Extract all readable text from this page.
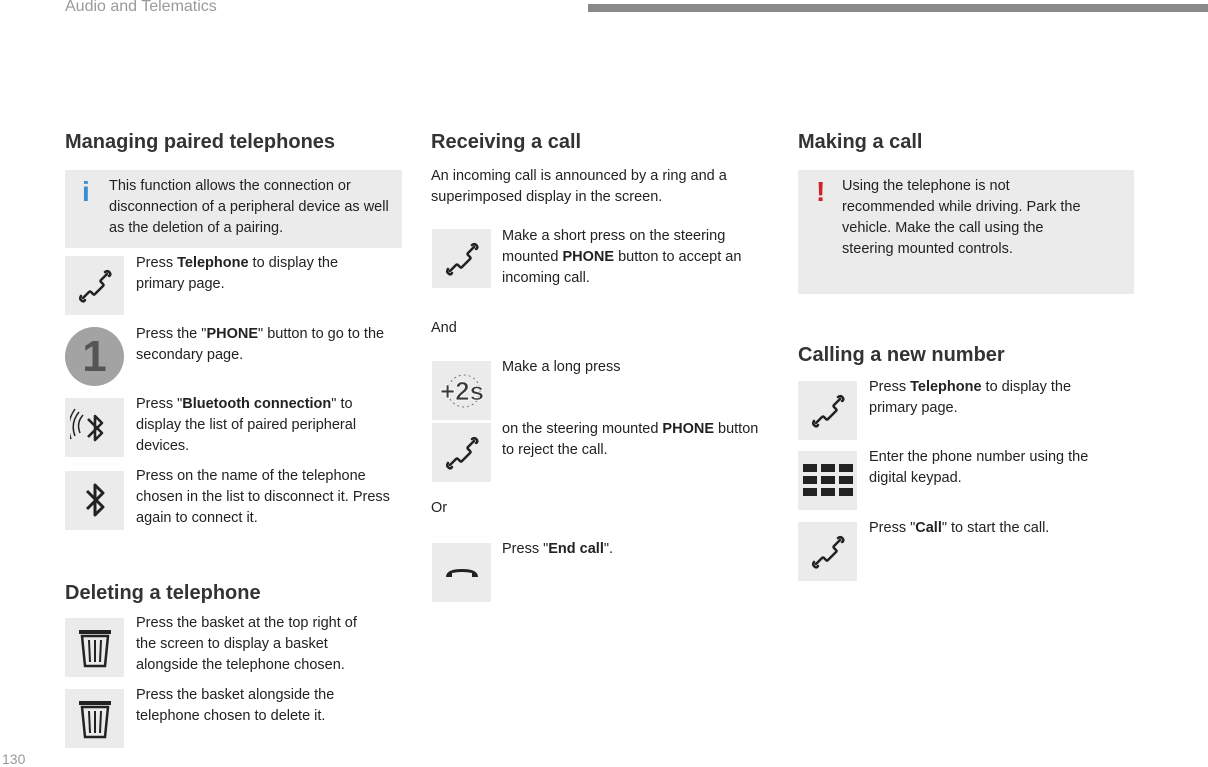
Audio and Telematics
130
Managing paired telephones
i This function allows the connection or disconnection of a peripheral device as well as the deletion of a pairing.
Press Telephone to display the primary page.
1	Press the "PHONE" button to go to the secondary page.
Press "Bluetooth connection" to display the list of paired peripheral devices.
Press on the name of the telephone chosen in the list to disconnect it. Press again to connect it.
Deleting a telephone
Press the basket at the top right of the screen to display a basket alongside the telephone chosen.
Press the basket alongside the telephone chosen to delete it.
Receiving a call
An incoming call is announced by a ring and a superimposed display in the screen.
Make a short press on the steering mounted PHONE button to accept an incoming call.
And
+2s
Make a long press
on the steering mounted PHONE button to reject the call.
Or
Press "End call".
Making a call
! Using the telephone is not recommended while driving. Park the vehicle. Make the call using the steering mounted controls.
Calling a new number
Press Telephone to display the primary page.
Enter the phone number using the digital keypad.
Press "Call" to start the call.
